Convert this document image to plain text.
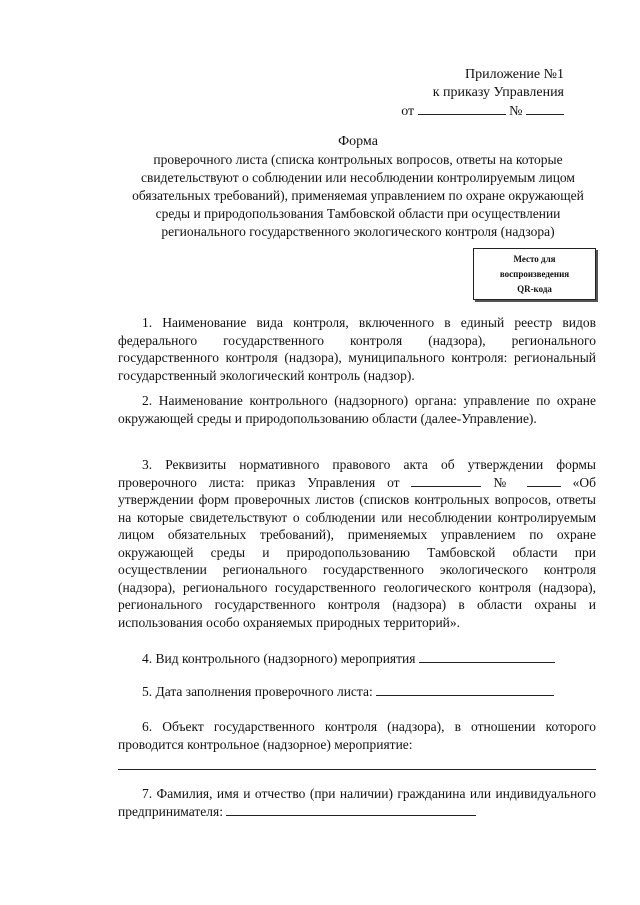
Приложение №1
к приказу Управления
от	№
Форма
проверочного листа (списка контрольных вопросов, ответы на которые свидетельствуют о соблюдении или несоблюдении контролируемым лицом обязательных требований), применяемая управлением по охране окружающей среды и природопользования Тамбовской области при осуществлении регионального государственного экологического контроля (надзора)
Место для
воспроизведения
QR-кода
1. Наименование вида контроля, включенного в единый реестр видов федерального государственного контроля (надзора), регионального государственного контроля (надзора), муниципального контроля: региональный государственный экологический контроль (надзор).
2. Наименование контрольного (надзорного) органа: управление по охране окружающей среды и природопользованию области (далее-Управление).
3. Реквизиты нормативного правового акта об утверждении формы проверочного листа: приказ Управления от	№	«Об утверждении форм проверочных листов (списков контрольных вопросов, ответы на которые свидетельствуют о соблюдении или несоблюдении контролируемым лицом обязательных требований), применяемых управлением по охране окружающей среды и природопользованию Тамбовской области при осуществлении регионального государственного экологического контроля (надзора), регионального государственного геологического контроля (надзора), регионального государственного контроля (надзора) в области охраны и использования особо охраняемых природных территорий».
4. Вид контрольного (надзорного) мероприятия
5. Дата заполнения проверочного листа:
6. Объект государственного контроля (надзора), в отношении которого проводится контрольное (надзорное) мероприятие:
7. Фамилия, имя и отчество (при наличии) гражданина или индивидуального предпринимателя:
